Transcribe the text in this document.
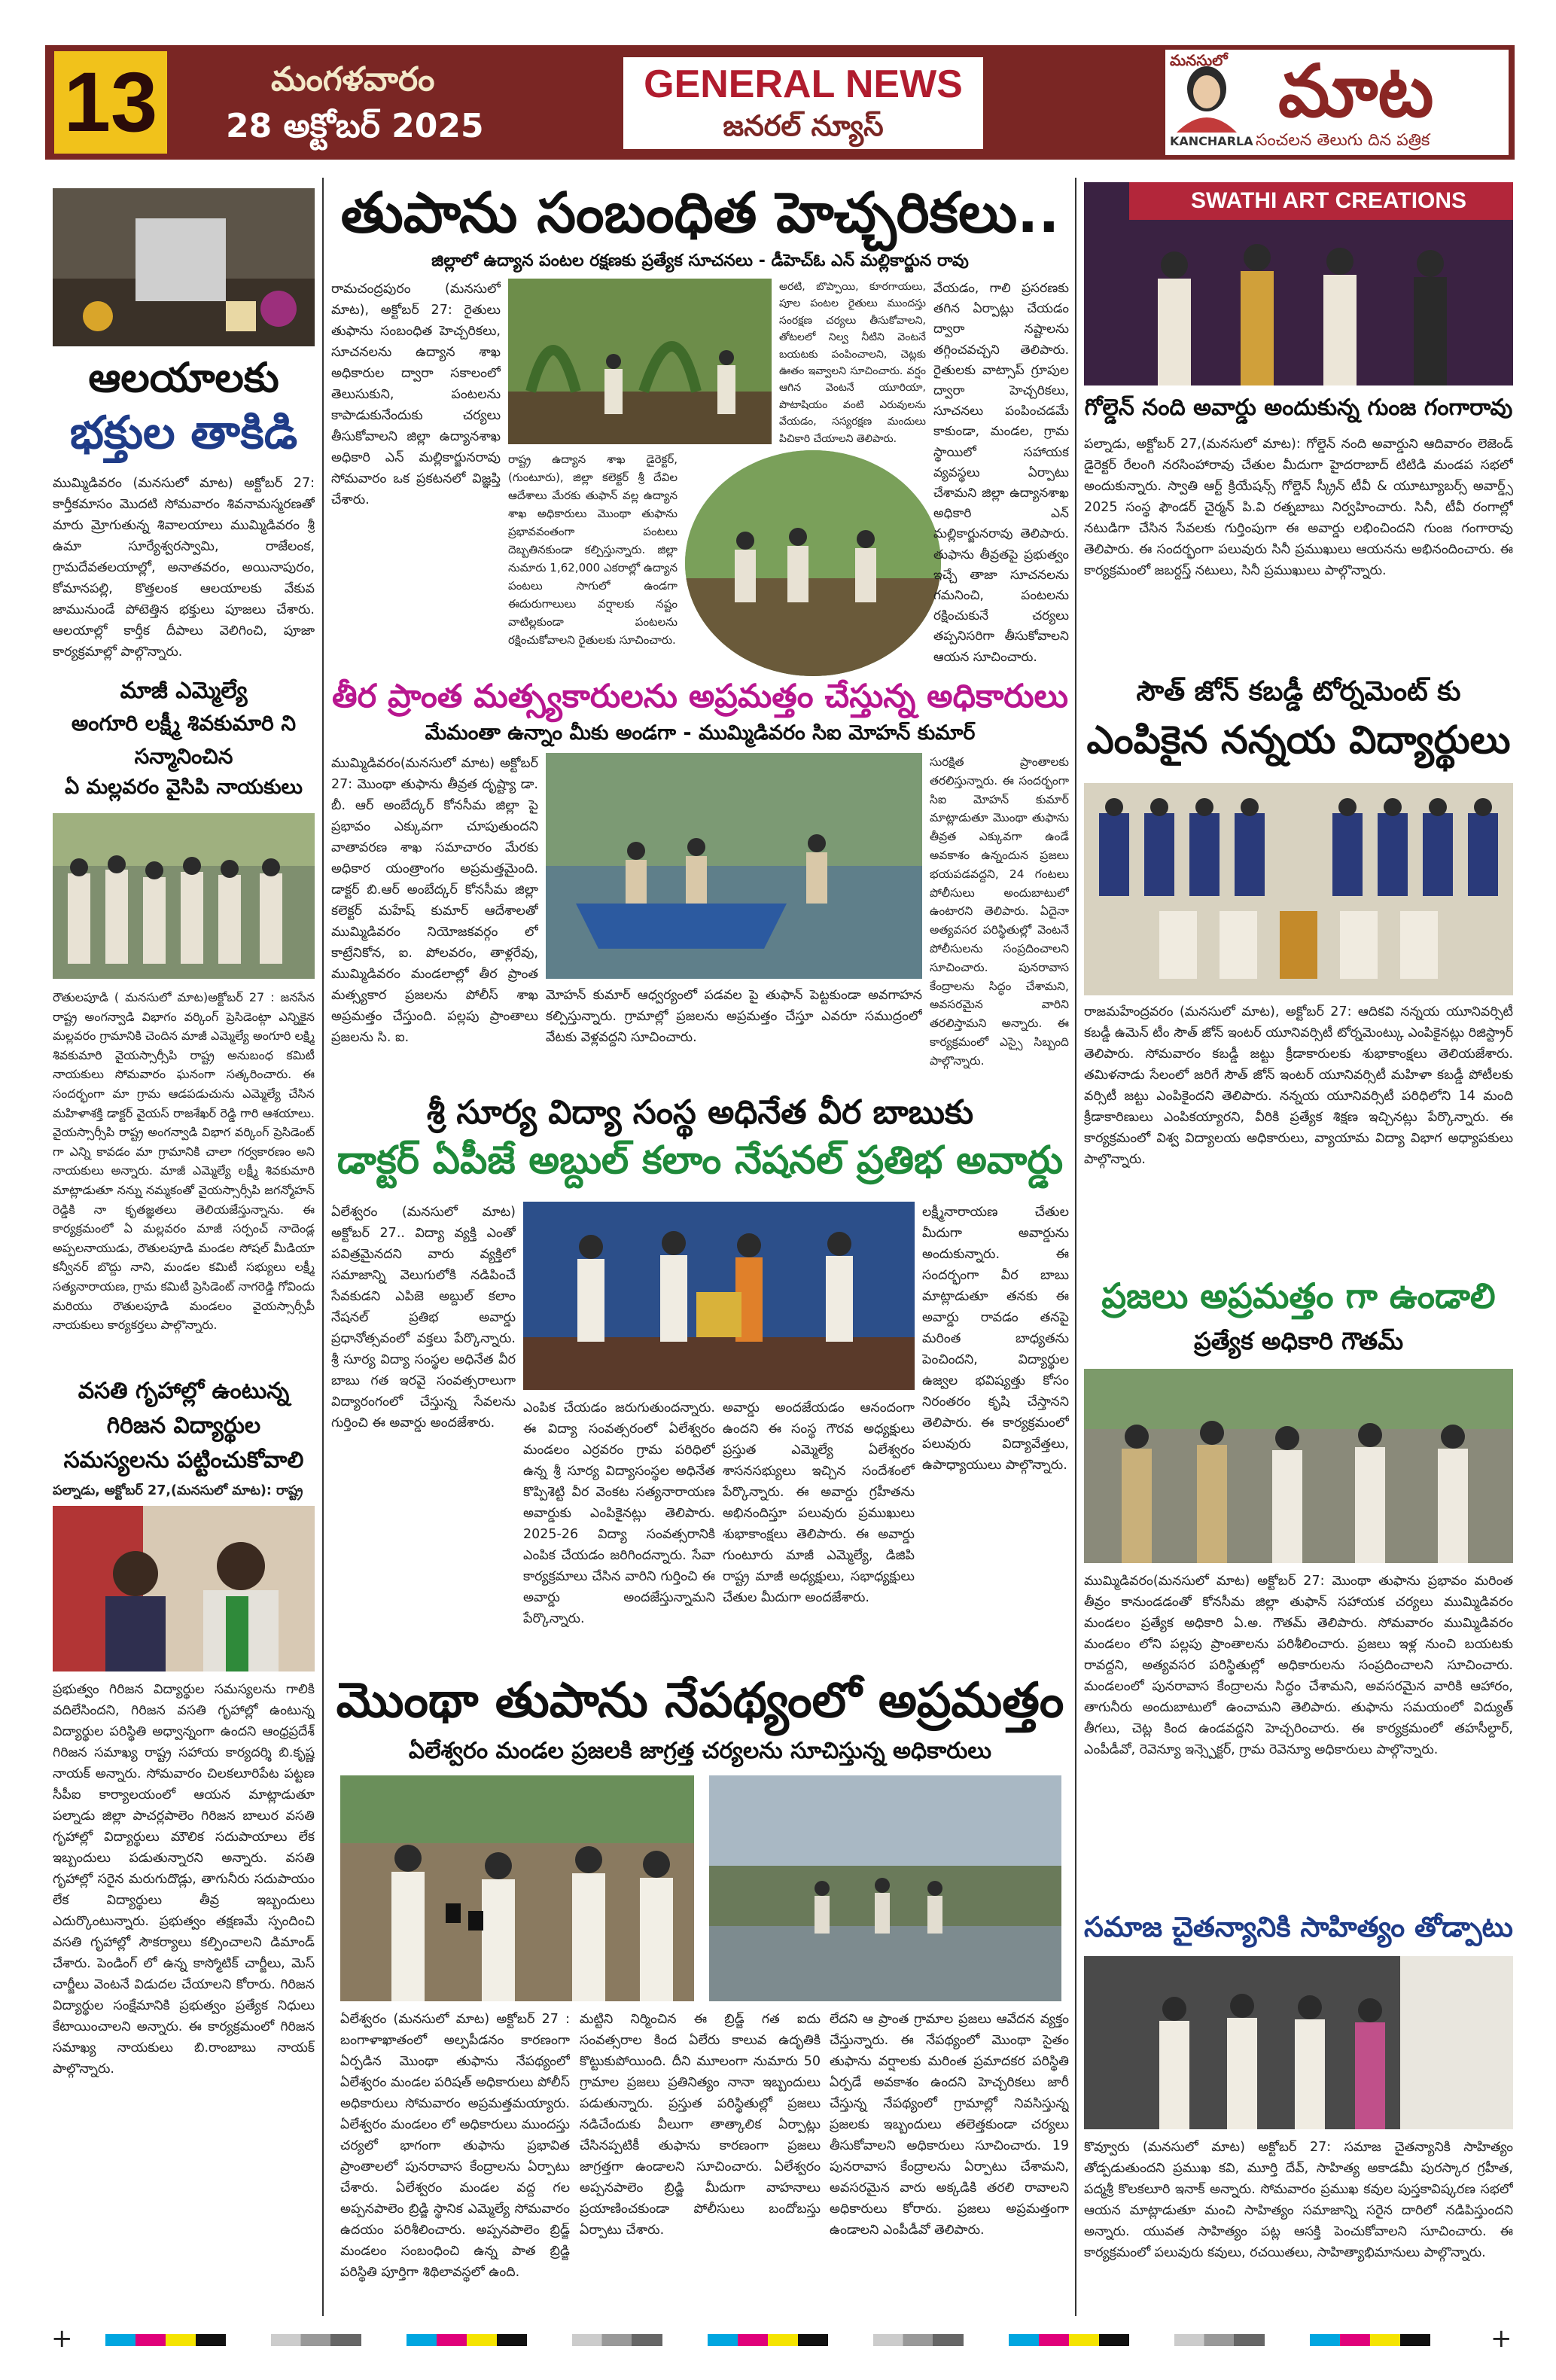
13	మంగళవారం
28 అక్టోబర్ 2025
GENERAL NEWS
జనరల్ న్యూస్
మనసులో మాట
KANCHARLA సంచలన తెలుగు దిన పత్రిక
ఆలయాలకు
భక్తుల తాకిడి
ముమ్మిడివరం (మనసులో మాట) అక్టోబర్ 27: కార్తీకమాసం మొదటి సోమవారం శివనామస్మరణతో మారు మ్రోగుతున్న శివాలయాలు ముమ్మిడివరం శ్రీ ఉమా సూర్యేశ్వరస్వామి, రాజేలంక, గ్రామదేవతలయాల్లో, అనాతవరం, అయినాపురం, కోమానపల్లి, కొత్తలంక ఆలయాలకు వేకువ జామునుండే పోటెత్తిన భక్తులు పూజలు చేశారు. ఆలయాల్లో కార్తీక దీపాలు వెలిగించి, పూజా కార్యక్రమాల్లో పాల్గొన్నారు.
మాజీ ఎమ్మెల్యే
అంగూరి లక్ష్మీ శివకుమారి ని
సన్మానించిన
ఏ మల్లవరం వైసిపి నాయకులు
రౌతులపూడి ( మనసులో మాట)అక్టోబర్ 27 : జనసేన రాష్ట్ర అంగన్వాడి విభాగం వర్కింగ్ ప్రెసిడెంట్గా ఎన్నికైన మల్లవరం గ్రామానికి చెందిన మాజీ ఎమ్మెల్యే అంగూరి లక్ష్మి శివకుమారి వైయస్సార్సీపి రాష్ట్ర అనుబంధ కమిటీ నాయకులు సోమవారం ఘనంగా సత్కరించారు. ఈ సందర్భంగా మా గ్రామ ఆడపడుచును ఎమ్మెల్యే చేసిన మహిళాశక్తి డాక్టర్ వైయస్ రాజశేఖర్ రెడ్డి గారి ఆశయాలు. వైయస్సార్సీపి రాష్ట్ర అంగన్వాడి విభాగ వర్కింగ్ ప్రెసిడెంట్ గా ఎన్ని కావడం మా గ్రామానికి చాలా గర్వకారణం అని నాయకులు అన్నారు. మాజీ ఎమ్మెల్యే లక్ష్మీ శివకుమారి మాట్లాడుతూ నన్ను నమ్మకంతో వైయస్సార్సీపి జగన్మోహన్ రెడ్డికి నా కృతజ్ఞతలు తెలియజేస్తున్నాను. ఈ కార్యక్రమంలో ఏ మల్లవరం మాజీ సర్పంచ్ నాదెండ్ల అప్పలనాయుడు, రౌతులపూడి మండల సోషల్ మీడియా కన్వీనర్ బొద్దు నాని, మండల కమిటీ సభ్యులు లక్ష్మీ సత్యనారాయణ, గ్రామ కమిటీ ప్రెసిడెంట్ నాగరెడ్డి గోవిందు మరియు రౌతులపూడి మండలం వైయస్సార్సీపీ నాయకులు కార్యకర్తలు పాల్గొన్నారు.
వసతి గృహాల్లో ఉంటున్న
గిరిజన విద్యార్థుల
సమస్యలను పట్టించుకోవాలి
పల్నాడు, అక్టోబర్ 27,(మనసులో మాట): రాష్ట్ర
ప్రభుత్వం గిరిజన విద్యార్థుల సమస్యలను గాలికి వదిలేసిందని, గిరిజన వసతి గృహాల్లో ఉంటున్న విద్యార్థుల పరిస్థితి అధ్వాన్నంగా ఉందని ఆంధ్రప్రదేశ్ గిరిజన సమాఖ్య రాష్ట్ర సహాయ కార్యదర్శి బి.కృష్ణ నాయక్ అన్నారు. సోమవారం చిలకలూరిపేట పట్టణ సీపీఐ కార్యాలయంలో ఆయన మాట్లాడుతూ పల్నాడు జిల్లా పాచర్లపాలెం గిరిజన బాలుర వసతి గృహాల్లో విద్యార్థులు మౌలిక సదుపాయాలు లేక ఇబ్బందులు పడుతున్నారని అన్నారు. వసతి గృహాల్లో సరైన మరుగుదొడ్లు, తాగునీరు సదుపాయం లేక విద్యార్థులు తీవ్ర ఇబ్బందులు ఎదుర్కొంటున్నారు. ప్రభుత్వం తక్షణమే స్పందించి వసతి గృహాల్లో సౌకర్యాలు కల్పించాలని డిమాండ్ చేశారు. పెండింగ్ లో ఉన్న కాస్మోటిక్ చార్జీలు, మెస్ చార్జీలు వెంటనే విడుదల చేయాలని కోరారు. గిరిజన విద్యార్థుల సంక్షేమానికి ప్రభుత్వం ప్రత్యేక నిధులు కేటాయించాలని అన్నారు. ఈ కార్యక్రమంలో గిరిజన సమాఖ్య నాయకులు బి.రాంబాబు నాయక్ పాల్గొన్నారు.
తుపాను సంబంధిత హెచ్చరికలు..
జిల్లాలో ఉద్యాన పంటల రక్షణకు ప్రత్యేక సూచనలు - డీహెచ్ఓ ఎన్ మల్లికార్జున రావు
రామచంద్రపురం (మనసులో మాట), అక్టోబర్ 27: రైతులు తుఫాను సంబంధిత హెచ్చరికలు, సూచనలను ఉద్యాన శాఖ అధికారుల ద్వారా సకాలంలో తెలుసుకుని, పంటలను కాపాడుకునేందుకు చర్యలు తీసుకోవాలని జిల్లా ఉద్యానశాఖ అధికారి ఎన్ మల్లికార్జునరావు సోమవారం ఒక ప్రకటనలో విజ్ఞప్తి చేశారు.
రాష్ట్ర ఉద్యాన శాఖ డైరెక్టర్, (గుంటూరు), జిల్లా కలెక్టర్ శ్రీ దేవిల ఆదేశాలు మేరకు తుఫాన్ వల్ల ఉద్యాన శాఖ అధికారులు మొంథా తుఫాను ప్రభావవంతంగా పంటలు దెబ్బతినకుండా కల్పిస్తున్నారు. జిల్లా నుమారు 1,62,000 ఎకరాల్లో ఉద్యాన పంటలు సాగులో ఉండగా ఈదురుగాలులు వర్షాలకు నష్టం వాటిల్లకుండా పంటలను రక్షించుకోవాలని రైతులకు సూచించారు.
అరటి, బొప్పాయి, కూరగాయలు, పూల పంటల రైతులు ముందస్తు సంరక్షణ చర్యలు తీసుకోవాలని, తోటలలో నిల్వ నీటిని వెంటనే బయటకు పంపించాలని, చెట్లకు ఊతం ఇవ్వాలని సూచించారు. వర్షం ఆగిన వెంటనే యూరియా, పొటాషియం వంటి ఎరువులను వేయడం, సస్యరక్షణ మందులు పిచికారి చేయాలని తెలిపారు.
వేయడం, గాలి ప్రసరణకు తగిన ఏర్పాట్లు చేయడం ద్వారా నష్టాలను తగ్గించవచ్చని తెలిపారు. రైతులకు వాట్సాప్ గ్రూపుల ద్వారా హెచ్చరికలు, సూచనలు పంపించడమే కాకుండా, మండల, గ్రామ స్థాయిలో సహాయక వ్యవస్థలు ఏర్పాటు చేశామని జిల్లా ఉద్యానశాఖ అధికారి ఎన్ మల్లికార్జునరావు తెలిపారు. తుఫాను తీవ్రతపై ప్రభుత్వం ఇచ్చే తాజా సూచనలను గమనించి, పంటలను రక్షించుకునే చర్యలు తప్పనిసరిగా తీసుకోవాలని ఆయన సూచించారు.
తీర ప్రాంత మత్స్యకారులను అప్రమత్తం చేస్తున్న అధికారులు
మేమంతా ఉన్నాం మీకు అండగా - ముమ్మిడివరం సిఐ మోహన్ కుమార్
ముమ్మిడివరం(మనసులో మాట) అక్టోబర్ 27: మొంథా తుఫాను తీవ్రత దృష్ట్యా డా. బీ. ఆర్ అంబేద్కర్ కోనసీమ జిల్లా పై ప్రభావం ఎక్కువగా చూపుతుందని వాతావరణ శాఖ సమాచారం మేరకు అధికార యంత్రాంగం అప్రమత్తమైంది. డాక్టర్ బి.ఆర్ అంబేద్కర్ కోనసీమ జిల్లా కలెక్టర్ మహేష్ కుమార్ ఆదేశాలతో ముమ్మిడివరం నియోజకవర్గం లో కాట్రేనికోన, ఐ. పోలవరం, తాళ్లరేవు, ముమ్మిడివరం మండలాల్లో తీర ప్రాంత మత్స్యకార ప్రజలను పోలీస్ శాఖ అప్రమత్తం చేస్తుంది. పల్లపు ప్రాంతాలు ప్రజలను సి. ఐ.
మోహన్ కుమార్ ఆధ్వర్యంలో పడవల పై తుఫాన్ పెట్టకుండా అవగాహన కల్పిస్తున్నారు. గ్రామాల్లో ప్రజలను అప్రమత్తం చేస్తూ ఎవరూ సముద్రంలో వేటకు వెళ్లవద్దని సూచించారు.
సురక్షిత ప్రాంతాలకు తరలిస్తున్నారు. ఈ సందర్భంగా సిఐ మోహన్ కుమార్ మాట్లాడుతూ మొంథా తుఫాను తీవ్రత ఎక్కువగా ఉండే అవకాశం ఉన్నందున ప్రజలు భయపడవద్దని, 24 గంటలు పోలీసులు అందుబాటులో ఉంటారని తెలిపారు. ఏదైనా అత్యవసర పరిస్థితుల్లో వెంటనే పోలీసులను సంప్రదించాలని సూచించారు. పునరావాస కేంద్రాలను సిద్ధం చేశామని, అవసరమైన వారిని తరలిస్తామని అన్నారు. ఈ కార్యక్రమంలో ఎస్సై సిబ్బంది పాల్గొన్నారు.
శ్రీ సూర్య విద్యా సంస్థ అధినేత వీర బాబుకు
డాక్టర్ ఏపీజే అబ్దుల్ కలాం నేషనల్ ప్రతిభ అవార్డు
ఏలేశ్వరం (మనసులో మాట) అక్టోబర్ 27.. విద్యా వ్యక్తి ఎంతో పవిత్రమైనదని వారు వ్యక్తిలో సమాజాన్ని వెలుగులోకి నడిపించే సేవకుడని ఎపిజె అబ్దుల్ కలాం నేషనల్ ప్రతిభ అవార్డు ప్రధానోత్సవంలో వక్తలు పేర్కొన్నారు. శ్రీ సూర్య విద్యా సంస్థల అధినేత వీర బాబు గత ఇరవై సంవత్సరాలుగా విద్యారంగంలో చేస్తున్న సేవలను గుర్తించి ఈ అవార్డు అందజేశారు.
లక్ష్మీనారాయణ చేతుల మీదుగా అవార్డును అందుకున్నారు. ఈ సందర్భంగా వీర బాబు మాట్లాడుతూ తనకు ఈ అవార్డు రావడం తనపై మరింత బాధ్యతను పెంచిందని, విద్యార్థుల ఉజ్వల భవిష్యత్తు కోసం నిరంతరం కృషి చేస్తానని తెలిపారు. ఈ కార్యక్రమంలో పలువురు విద్యావేత్తలు, ఉపాధ్యాయులు పాల్గొన్నారు.
ఎంపిక చేయడం జరుగుతుందన్నారు. ఈ విద్యా సంవత్సరంలో ఏలేశ్వరం మండలం ఎర్రవరం గ్రామ పరిధిలో ఉన్న శ్రీ సూర్య విద్యాసంస్థల అధినేత కొప్పిశెట్టి వీర వెంకట సత్యనారాయణ అవార్డుకు ఎంపికైనట్లు తెలిపారు. 2025-26 విద్యా సంవత్సరానికి ఎంపిక చేయడం జరిగిందన్నారు. సేవా కార్యక్రమాలు చేసిన వారిని గుర్తించి ఈ అవార్డు అందజేస్తున్నామని పేర్కొన్నారు.
అవార్డు అందజేయడం ఆనందంగా ఉందని ఈ సంస్థ గౌరవ అధ్యక్షులు ప్రస్తుత ఎమ్మెల్యే ఏలేశ్వరం శాసనసభ్యులు ఇచ్చిన సందేశంలో పేర్కొన్నారు. ఈ అవార్డు గ్రహీతను అభినందిస్తూ పలువురు ప్రముఖులు శుభాకాంక్షలు తెలిపారు. ఈ అవార్డు గుంటూరు మాజీ ఎమ్మెల్యే, డిజిపి రాష్ట్ర మాజీ అధ్యక్షులు, సభాధ్యక్షులు చేతుల మీదుగా అందజేశారు.
మొంథా తుపాను నేపథ్యంలో అప్రమత్తం
ఏలేశ్వరం మండల ప్రజలకి జాగ్రత్త చర్యలను సూచిస్తున్న అధికారులు
ఏలేశ్వరం (మనసులో మాట) అక్టోబర్ 27 : బంగాళాఖాతంలో అల్పపీడనం కారణంగా ఏర్పడిన మొంథా తుఫాను నేపథ్యంలో ఏలేశ్వరం మండల పరిషత్ అధికారులు పోలీస్ అధికారులు సోమవారం అప్రమత్తమయ్యారు. ఏలేశ్వరం మండలం లో అధికారులు ముందస్తు చర్యలో భాగంగా తుఫాను ప్రభావిత ప్రాంతాలలో పునరావాస కేంద్రాలను ఏర్పాటు చేశారు. ఏలేశ్వరం మండల వద్ద గల అప్పనపాలెం బ్రిడ్జి స్థానిక ఎమ్మెల్యే సోమవారం ఉదయం పరిశీలించారు. అప్పనపాలెం బ్రిడ్జ్ మండలం సంబంధించి ఉన్న పాత బ్రిడ్జి పరిస్థితి పూర్తిగా శిథిలావస్థలో ఉంది.
మట్టిని నిర్మించిన ఈ బ్రిడ్జ్ గత ఐదు సంవత్సరాల కింద ఏలేరు కాలువ ఉదృతికి కొట్టుకుపోయింది. దీని మూలంగా నుమారు 50 గ్రామాల ప్రజలు ప్రతినిత్యం నానా ఇబ్బందులు పడుతున్నారు. ప్రస్తుత పరిస్థితుల్లో ప్రజలు నడిచేందుకు వీలుగా తాత్కాలిక ఏర్పాట్లు చేసినప్పటికీ తుఫాను కారణంగా ప్రజలు జాగ్రత్తగా ఉండాలని సూచించారు. ఏలేశ్వరం అప్పనపాలెం బ్రిడ్జి మీదుగా వాహనాలు ప్రయాణించకుండా పోలీసులు బందోబస్తు ఏర్పాటు చేశారు.
లేదని ఆ ప్రాంత గ్రామాల ప్రజలు ఆవేదన వ్యక్తం చేస్తున్నారు. ఈ నేపథ్యంలో మొంథా సైతం తుఫాను వర్షాలకు మరింత ప్రమాదకర పరిస్థితి ఏర్పడే అవకాశం ఉందని హెచ్చరికలు జారీ చేస్తున్న నేపథ్యంలో గ్రామాల్లో నివసిస్తున్న ప్రజలకు ఇబ్బందులు తలెత్తకుండా చర్యలు తీసుకోవాలని అధికారులు సూచించారు. 19 పునరావాస కేంద్రాలను ఏర్పాటు చేశామని, అవసరమైన వారు అక్కడికి తరలి రావాలని అధికారులు కోరారు. ప్రజలు అప్రమత్తంగా ఉండాలని ఎంపీడీవో తెలిపారు.
SWATHI ART CREATIONS
గోల్డెన్ నంది అవార్డు అందుకున్న గుంజ గంగారావు
పల్నాడు, అక్టోబర్ 27,(మనసులో మాట): గోల్డెన్ నంది అవార్డుని ఆదివారం లెజెండ్ డైరెక్టర్ రేలంగి నరసింహారావు చేతుల మీదుగా హైదరాబాద్ టిటిడి మండప సభలో అందుకున్నారు. స్వాతి ఆర్ట్ క్రియేషన్స్ గోల్డెన్ స్క్రీన్ టీవీ & యూట్యూబర్స్ అవార్డ్స్ 2025 సంస్థ ఫౌండర్ చైర్మన్ పి.వి రత్నబాబు నిర్వహించారు. సినీ, టీవీ రంగాల్లో నటుడిగా చేసిన సేవలకు గుర్తింపుగా ఈ అవార్డు లభించిందని గుంజ గంగారావు తెలిపారు. ఈ సందర్భంగా పలువురు సినీ ప్రముఖులు ఆయనను అభినందించారు. ఈ కార్యక్రమంలో జబర్దస్త్ నటులు, సినీ ప్రముఖులు పాల్గొన్నారు.
సౌత్ జోన్ కబడ్డీ టోర్నమెంట్ కు
ఎంపికైన నన్నయ విద్యార్థులు
రాజమహేంద్రవరం (మనసులో మాట), అక్టోబర్ 27: ఆదికవి నన్నయ యూనివర్సిటీ కబడ్డీ ఉమెన్ టీం సౌత్ జోన్ ఇంటర్ యూనివర్సిటీ టోర్నమెంట్కు ఎంపికైనట్లు రిజిస్ట్రార్ తెలిపారు. సోమవారం కబడ్డీ జట్టు క్రీడాకారులకు శుభాకాంక్షలు తెలియజేశారు. తమిళనాడు సేలంలో జరిగే సౌత్ జోన్ ఇంటర్ యూనివర్సిటీ మహిళా కబడ్డీ పోటీలకు వర్సిటీ జట్టు ఎంపికైందని తెలిపారు. నన్నయ యూనివర్సిటీ పరిధిలోని 14 మంది క్రీడాకారిణులు ఎంపికయ్యారని, వీరికి ప్రత్యేక శిక్షణ ఇచ్చినట్లు పేర్కొన్నారు. ఈ కార్యక్రమంలో విశ్వ విద్యాలయ అధికారులు, వ్యాయామ విద్యా విభాగ అధ్యాపకులు పాల్గొన్నారు.
ప్రజలు అప్రమత్తం గా ఉండాలి
ప్రత్యేక అధికారి గౌతమ్
ముమ్మిడివరం(మనసులో మాట) అక్టోబర్ 27: మొంథా తుఫాను ప్రభావం మరింత తీవ్రం కానుండడంతో కోనసీమ జిల్లా తుఫాన్ సహాయక చర్యలు ముమ్మిడివరం మండలం ప్రత్యేక అధికారి ఏ.అ. గౌతమ్ తెలిపారు. సోమవారం ముమ్మిడివరం మండలం లోని పల్లపు ప్రాంతాలను పరిశీలించారు. ప్రజలు ఇళ్ల నుంచి బయటకు రావద్దని, అత్యవసర పరిస్థితుల్లో అధికారులను సంప్రదించాలని సూచించారు. మండలంలో పునరావాస కేంద్రాలను సిద్ధం చేశామని, అవసరమైన వారికి ఆహారం, తాగునీరు అందుబాటులో ఉంచామని తెలిపారు. తుఫాను సమయంలో విద్యుత్ తీగలు, చెట్ల కింద ఉండవద్దని హెచ్చరించారు. ఈ కార్యక్రమంలో తహసీల్దార్, ఎంపీడీవో, రెవెన్యూ ఇన్స్పెక్టర్, గ్రామ రెవెన్యూ అధికారులు పాల్గొన్నారు.
సమాజ చైతన్యానికి సాహిత్యం తోడ్పాటు
కొవ్వూరు (మనసులో మాట) అక్టోబర్ 27: సమాజ చైతన్యానికి సాహిత్యం తోడ్పడుతుందని ప్రముఖ కవి, మూర్తి దేవ్, సాహిత్య అకాడమీ పురస్కార గ్రహీత, పద్మశ్రీ కొలకలూరి ఇనాక్ అన్నారు. సోమవారం ప్రముఖ కవుల పుస్తకావిష్కరణ సభలో ఆయన మాట్లాడుతూ మంచి సాహిత్యం సమాజాన్ని సరైన దారిలో నడిపిస్తుందని అన్నారు. యువత సాహిత్యం పట్ల ఆసక్తి పెంచుకోవాలని సూచించారు. ఈ కార్యక్రమంలో పలువురు కవులు, రచయితలు, సాహిత్యాభిమానులు పాల్గొన్నారు.
+	+
